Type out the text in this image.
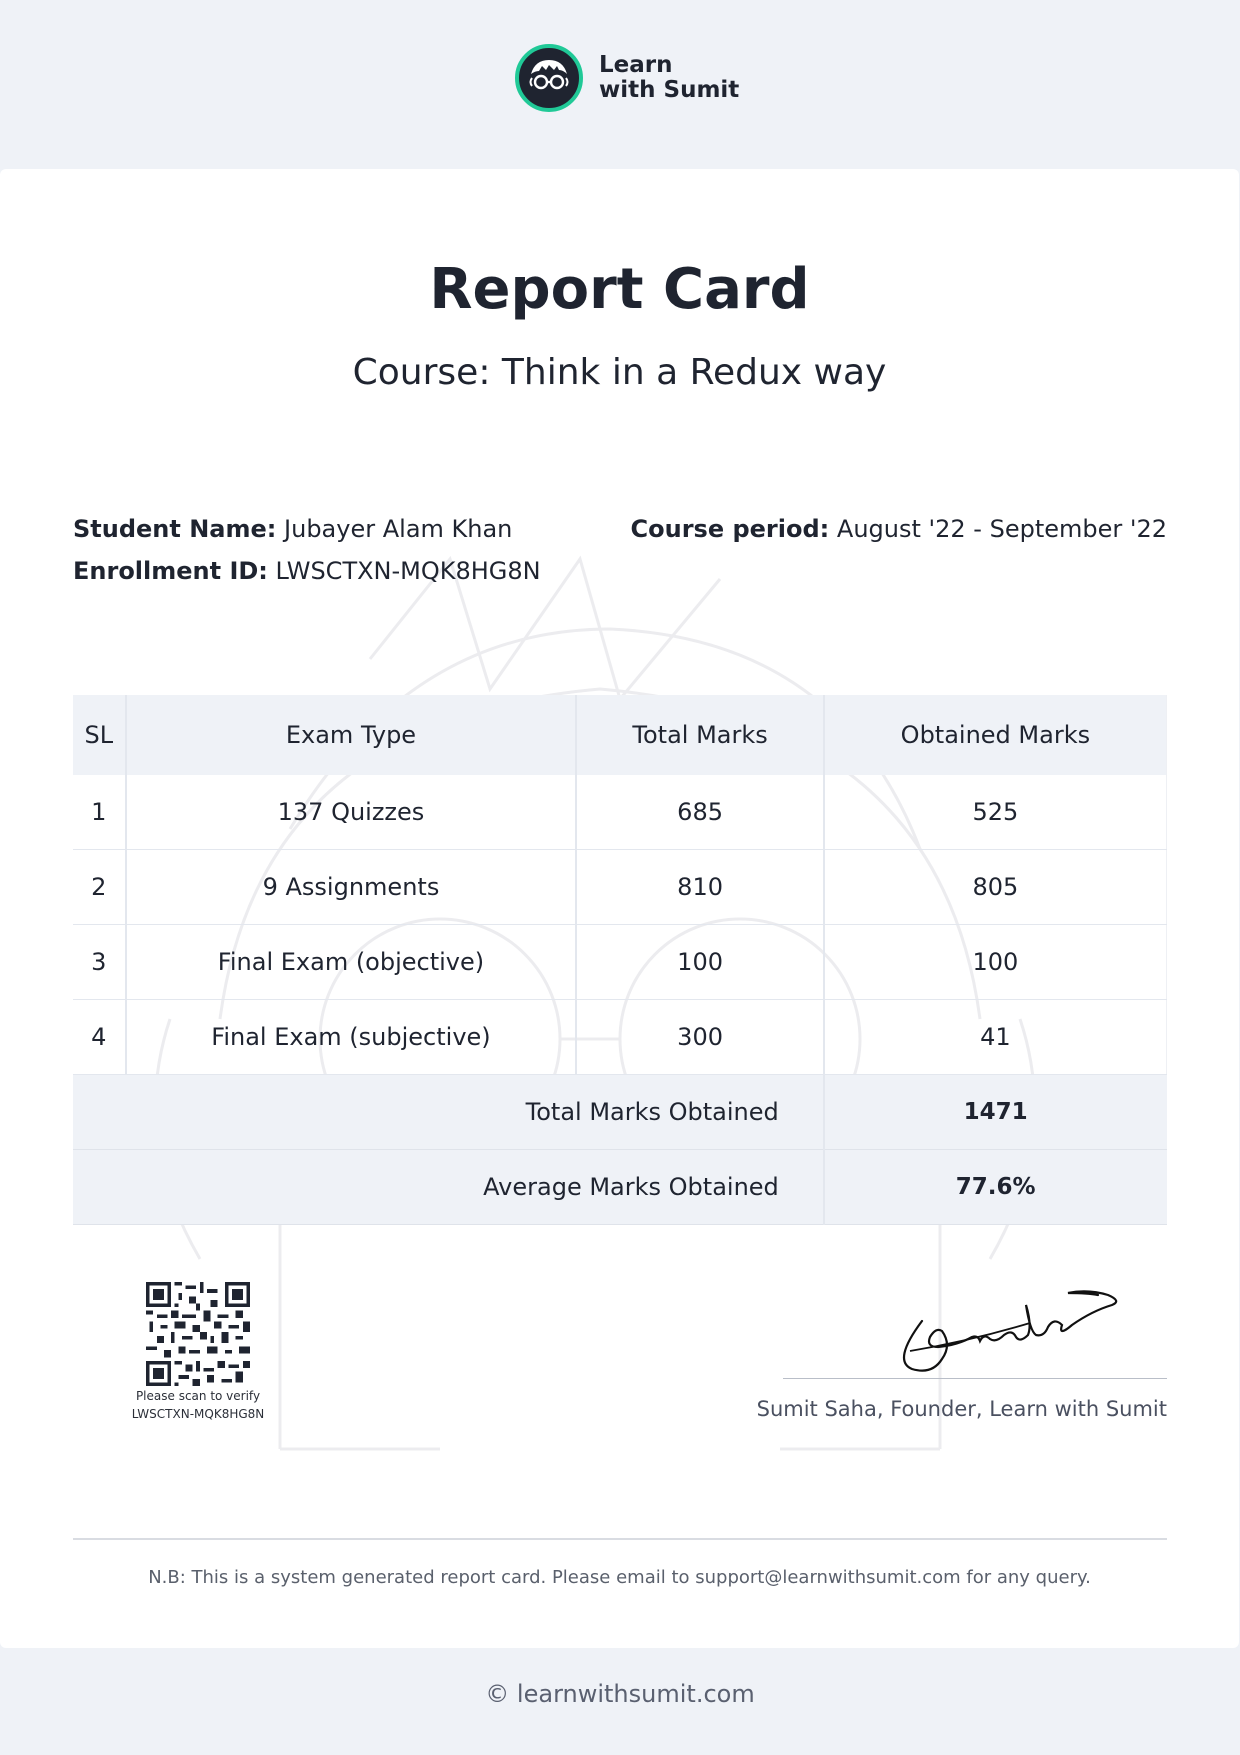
Learn
with Sumit
Report Card
Course: Think in a Redux way
Student Name: Jubayer Alam Khan
Enrollment ID: LWSCTXN-MQK8HG8N
Course period: August '22 - September '22
SL	Exam Type	Total Marks	Obtained Marks
1	137 Quizzes	685	525
2	9 Assignments	810	805
3	Final Exam (objective)	100	100
4	Final Exam (subjective)	300	41
Total Marks Obtained			1471
Average Marks Obtained			77.6%
Please scan to verify
LWSCTXN-MQK8HG8N	Sumit Saha, Founder, Learn with Sumit
N.B: This is a system generated report card. Please email to support@learnwithsumit.com for any query.
© learnwithsumit.com
